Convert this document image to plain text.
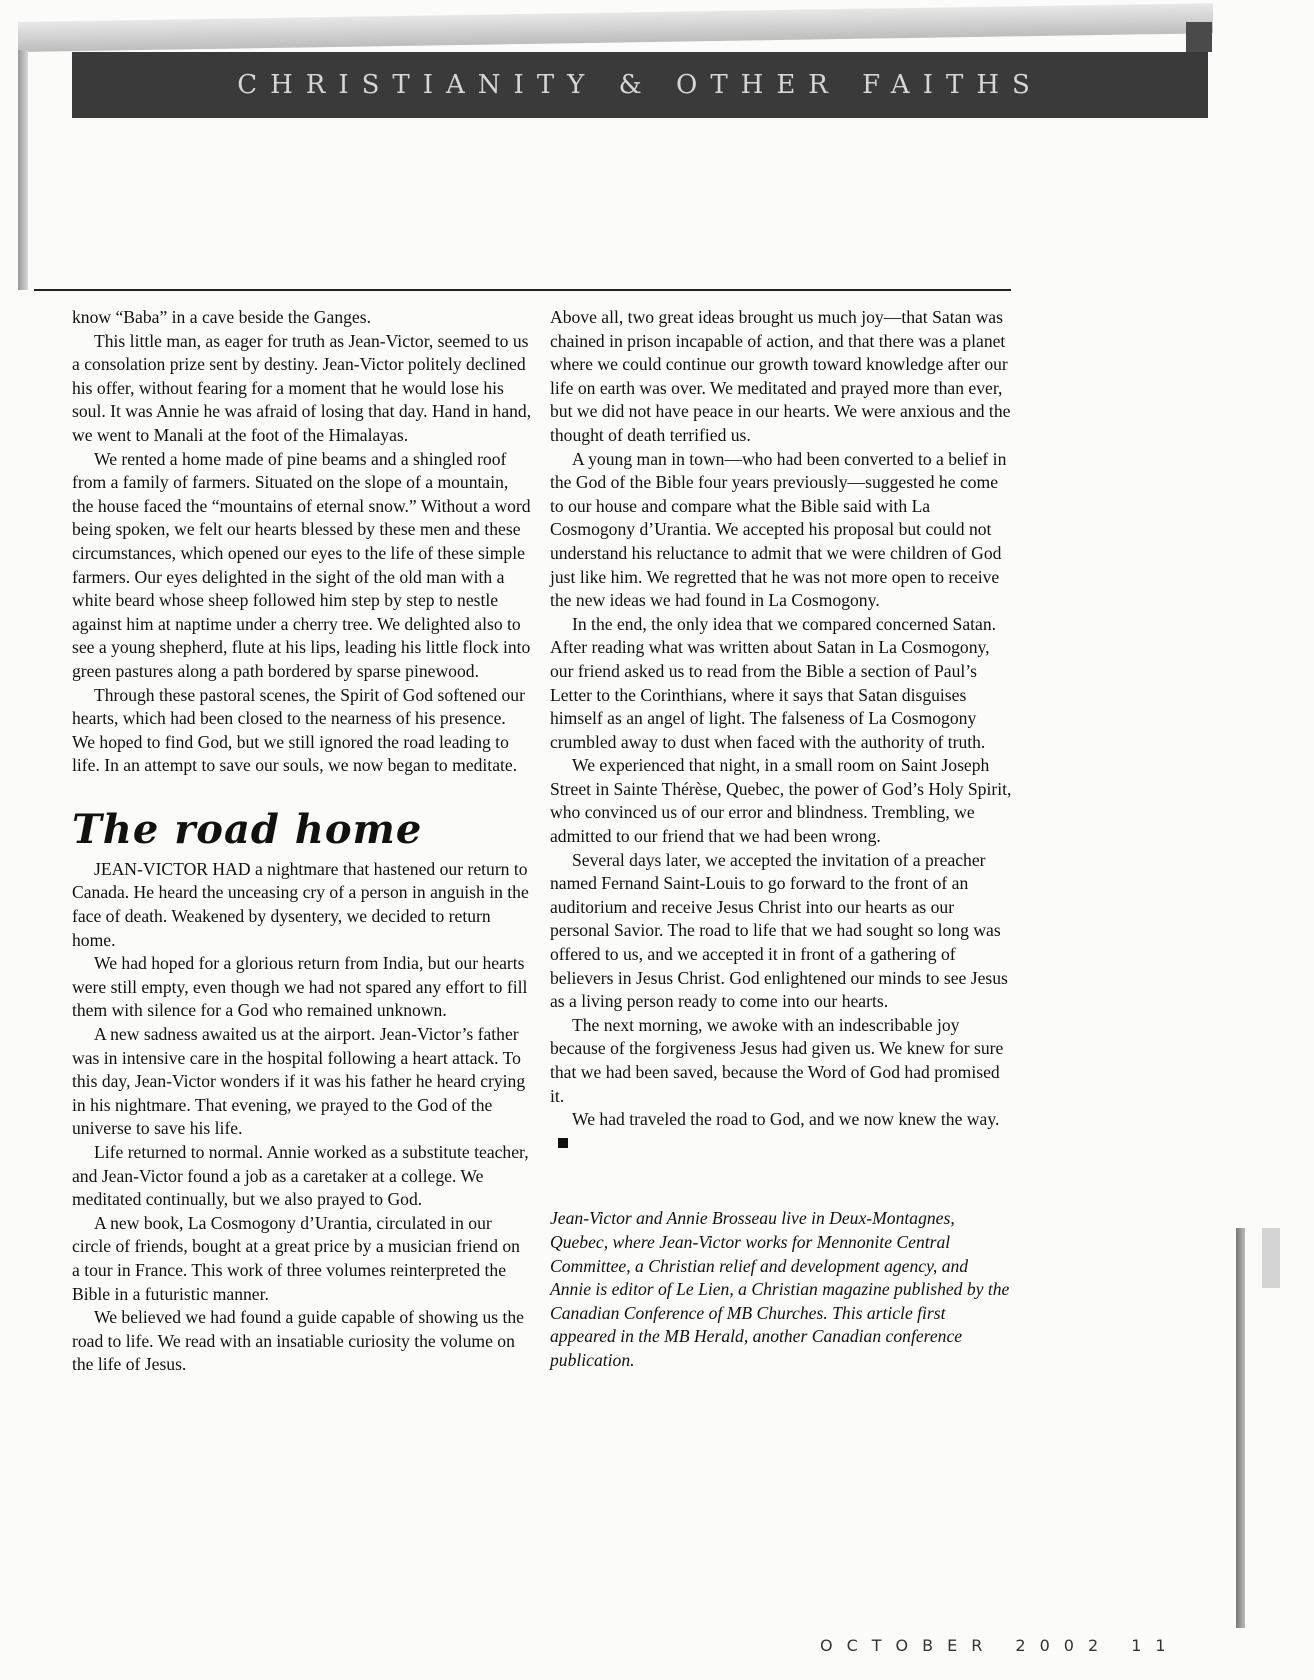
CHRISTIANITY & OTHER FAITHS

know “Baba” in a cave beside the Ganges.

This little man, as eager for truth as Jean-Victor, seemed to us a consolation prize sent by destiny. Jean-Victor politely declined his offer, without fearing for a moment that he would lose his soul. It was Annie he was afraid of losing that day. Hand in hand, we went to Manali at the foot of the Himalayas.

We rented a home made of pine beams and a shingled roof from a family of farmers. Situated on the slope of a mountain, the house faced the “mountains of eternal snow.” Without a word being spoken, we felt our hearts blessed by these men and these circumstances, which opened our eyes to the life of these simple farmers. Our eyes delighted in the sight of the old man with a white beard whose sheep followed him step by step to nestle against him at naptime under a cherry tree. We delighted also to see a young shepherd, flute at his lips, leading his little flock into green pastures along a path bordered by sparse pinewood.

Through these pastoral scenes, the Spirit of God softened our hearts, which had been closed to the nearness of his presence. We hoped to find God, but we still ignored the road leading to life. In an attempt to save our souls, we now began to meditate.

The road home

JEAN-VICTOR HAD a nightmare that hastened our return to Canada. He heard the unceasing cry of a person in anguish in the face of death. Weakened by dysentery, we decided to return home.

We had hoped for a glorious return from India, but our hearts were still empty, even though we had not spared any effort to fill them with silence for a God who remained unknown.

A new sadness awaited us at the airport. Jean-Victor’s father was in intensive care in the hospital following a heart attack. To this day, Jean-Victor wonders if it was his father he heard crying in his nightmare. That evening, we prayed to the God of the universe to save his life.

Life returned to normal. Annie worked as a substitute teacher, and Jean-Victor found a job as a caretaker at a college. We meditated continually, but we also prayed to God.

A new book, La Cosmogony d’Urantia, circulated in our circle of friends, bought at a great price by a musician friend on a tour in France. This work of three volumes reinterpreted the Bible in a futuristic manner.

We believed we had found a guide capable of showing us the road to life. We read with an insatiable curiosity the volume on the life of Jesus.

Above all, two great ideas brought us much joy—that Satan was chained in prison incapable of action, and that there was a planet where we could continue our growth toward knowledge after our life on earth was over. We meditated and prayed more than ever, but we did not have peace in our hearts. We were anxious and the thought of death terrified us.

A young man in town—who had been converted to a belief in the God of the Bible four years previously—suggested he come to our house and compare what the Bible said with La Cosmogony d’Urantia. We accepted his proposal but could not understand his reluctance to admit that we were children of God just like him. We regretted that he was not more open to receive the new ideas we had found in La Cosmogony.

In the end, the only idea that we compared concerned Satan. After reading what was written about Satan in La Cosmogony, our friend asked us to read from the Bible a section of Paul’s Letter to the Corinthians, where it says that Satan disguises himself as an angel of light. The falseness of La Cosmogony crumbled away to dust when faced with the authority of truth.

We experienced that night, in a small room on Saint Joseph Street in Sainte Thérèse, Quebec, the power of God’s Holy Spirit, who convinced us of our error and blindness. Trembling, we admitted to our friend that we had been wrong.

Several days later, we accepted the invitation of a preacher named Fernand Saint-Louis to go forward to the front of an auditorium and receive Jesus Christ into our hearts as our personal Savior. The road to life that we had sought so long was offered to us, and we accepted it in front of a gathering of believers in Jesus Christ. God enlightened our minds to see Jesus as a living person ready to come into our hearts.

The next morning, we awoke with an indescribable joy because of the forgiveness Jesus had given us. We knew for sure that we had been saved, because the Word of God had promised it.

We had traveled the road to God, and we now knew the way.

Jean-Victor and Annie Brosseau live in Deux-Montagnes, Quebec, where Jean-Victor works for Mennonite Central Committee, a Christian relief and development agency, and Annie is editor of Le Lien, a Christian magazine published by the Canadian Conference of MB Churches. This article first appeared in the MB Herald, another Canadian conference publication.

OCTOBER 2002 11
